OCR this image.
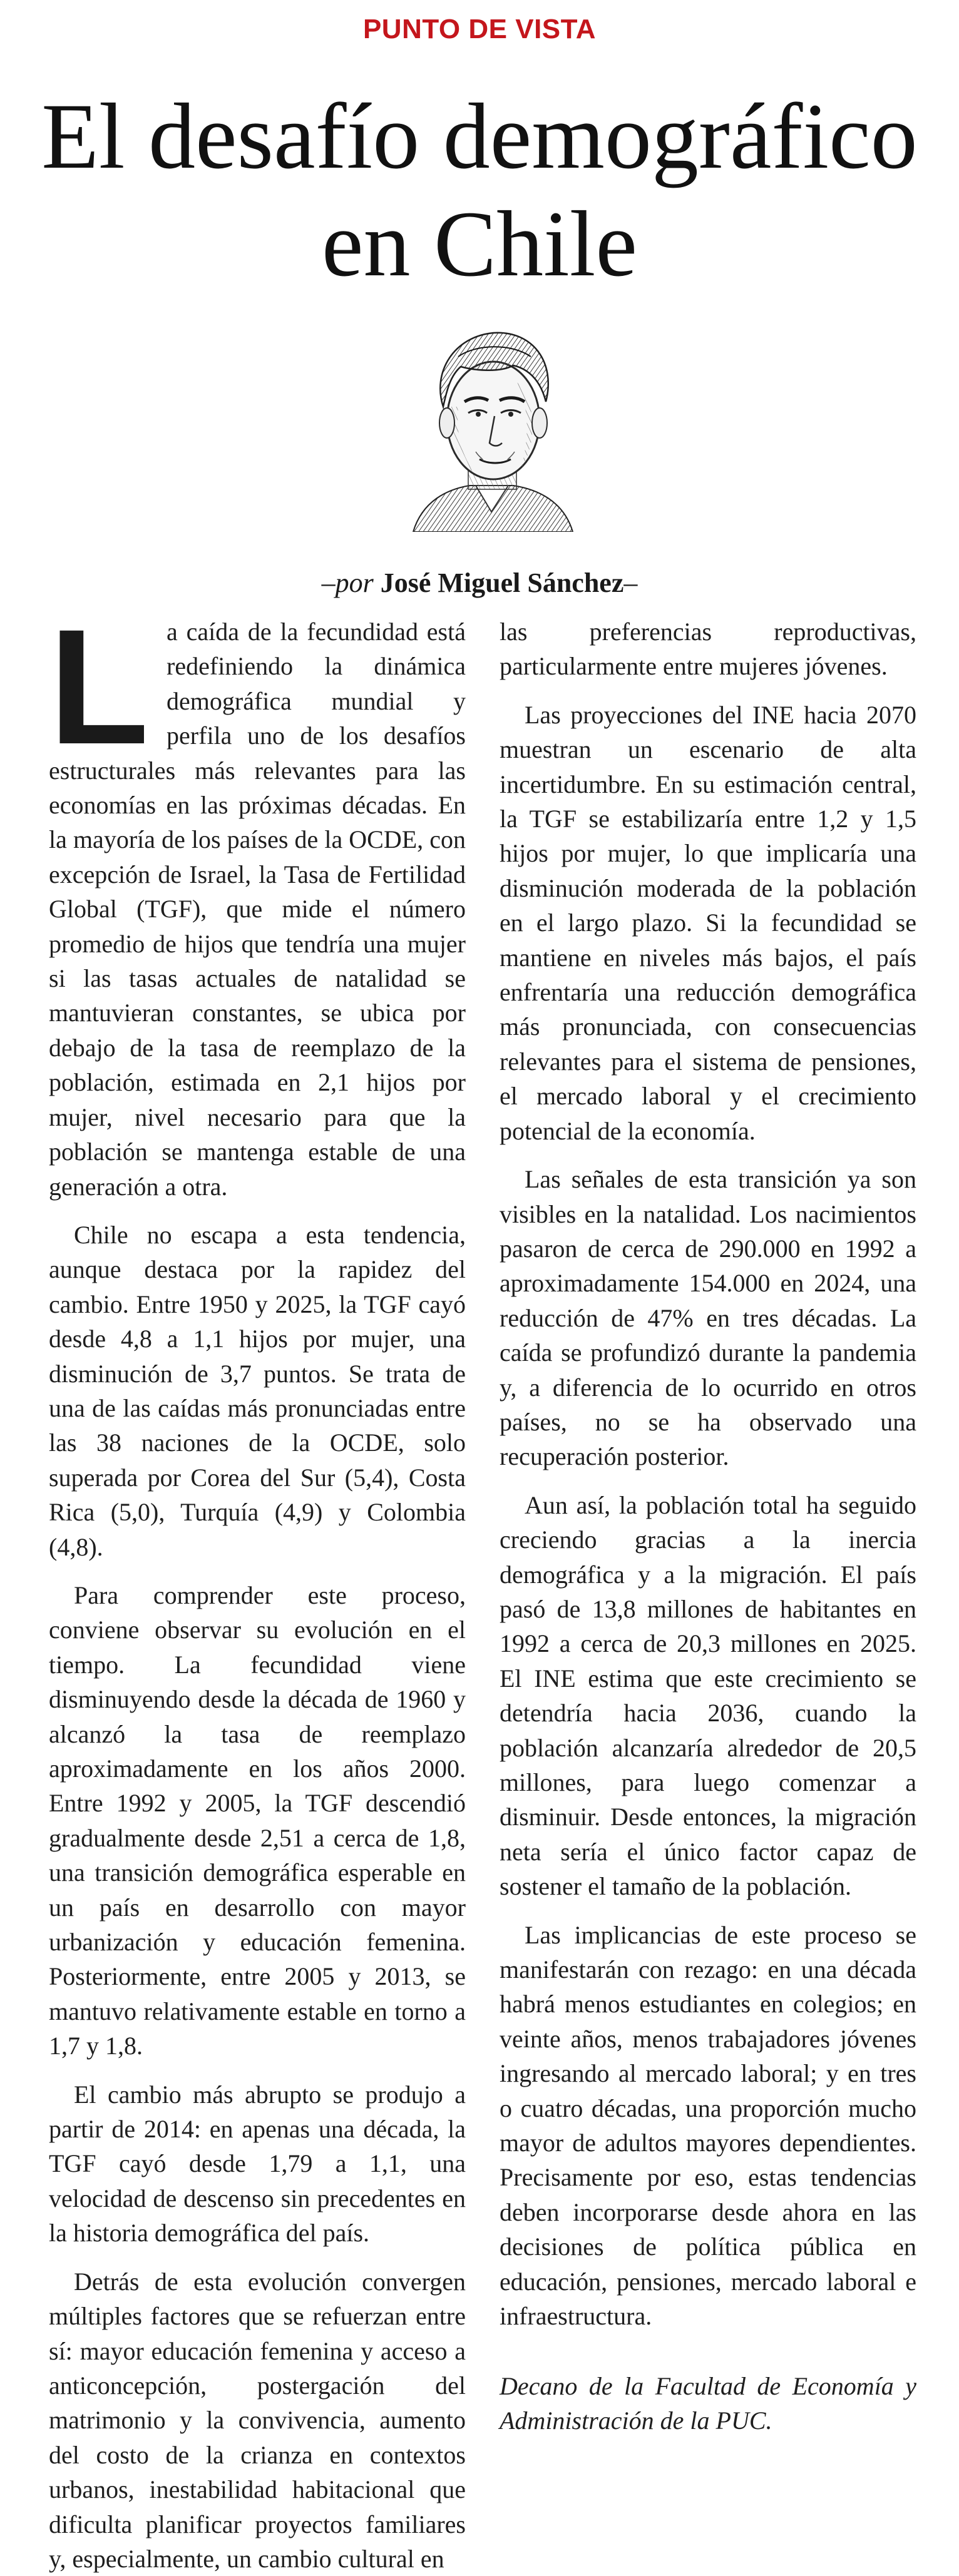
PUNTO DE VISTA
El desafío demográfico en Chile
–por José Miguel Sánchez–

La caída de la fecundidad está redefiniendo la dinámica demográfica mundial y perfila uno de los desafíos estructurales más relevantes para las economías en las próximas décadas. En la mayoría de los países de la OCDE, con excepción de Israel, la Tasa de Fertilidad Global (TGF), que mide el número promedio de hijos que tendría una mujer si las tasas actuales de natalidad se mantuvieran constantes, se ubica por debajo de la tasa de reemplazo de la población, estimada en 2,1 hijos por mujer, nivel necesario para que la población se mantenga estable de una generación a otra.

Chile no escapa a esta tendencia, aunque destaca por la rapidez del cambio. Entre 1950 y 2025, la TGF cayó desde 4,8 a 1,1 hijos por mujer, una disminución de 3,7 puntos. Se trata de una de las caídas más pronunciadas entre las 38 naciones de la OCDE, solo superada por Corea del Sur (5,4), Costa Rica (5,0), Turquía (4,9) y Colombia (4,8).

Para comprender este proceso, conviene observar su evolución en el tiempo. La fecundidad viene disminuyendo desde la década de 1960 y alcanzó la tasa de reemplazo aproximadamente en los años 2000. Entre 1992 y 2005, la TGF descendió gradualmente desde 2,51 a cerca de 1,8, una transición demográfica esperable en un país en desarrollo con mayor urbanización y educación femenina. Posteriormente, entre 2005 y 2013, se mantuvo relativamente estable en torno a 1,7 y 1,8.

El cambio más abrupto se produjo a partir de 2014: en apenas una década, la TGF cayó desde 1,79 a 1,1, una velocidad de descenso sin precedentes en la historia demográfica del país.

Detrás de esta evolución convergen múltiples factores que se refuerzan entre sí: mayor educación femenina y acceso a anticoncepción, postergación del matrimonio y la convivencia, aumento del costo de la crianza en contextos urbanos, inestabilidad habitacional que dificulta planificar proyectos familiares y, especialmente, un cambio cultural en

las preferencias reproductivas, particularmente entre mujeres jóvenes.

Las proyecciones del INE hacia 2070 muestran un escenario de alta incertidumbre. En su estimación central, la TGF se estabilizaría entre 1,2 y 1,5 hijos por mujer, lo que implicaría una disminución moderada de la población en el largo plazo. Si la fecundidad se mantiene en niveles más bajos, el país enfrentaría una reducción demográfica más pronunciada, con consecuencias relevantes para el sistema de pensiones, el mercado laboral y el crecimiento potencial de la economía.

Las señales de esta transición ya son visibles en la natalidad. Los nacimientos pasaron de cerca de 290.000 en 1992 a aproximadamente 154.000 en 2024, una reducción de 47% en tres décadas. La caída se profundizó durante la pandemia y, a diferencia de lo ocurrido en otros países, no se ha observado una recuperación posterior.

Aun así, la población total ha seguido creciendo gracias a la inercia demográfica y a la migración. El país pasó de 13,8 millones de habitantes en 1992 a cerca de 20,3 millones en 2025. El INE estima que este crecimiento se detendría hacia 2036, cuando la población alcanzaría alrededor de 20,5 millones, para luego comenzar a disminuir. Desde entonces, la migración neta sería el único factor capaz de sostener el tamaño de la población.

Las implicancias de este proceso se manifestarán con rezago: en una década habrá menos estudiantes en colegios; en veinte años, menos trabajadores jóvenes ingresando al mercado laboral; y en tres o cuatro décadas, una proporción mucho mayor de adultos mayores dependientes. Precisamente por eso, estas tendencias deben incorporarse desde ahora en las decisiones de política pública en educación, pensiones, mercado laboral e infraestructura.

Decano de la Facultad de Economía y Administración de la PUC.
